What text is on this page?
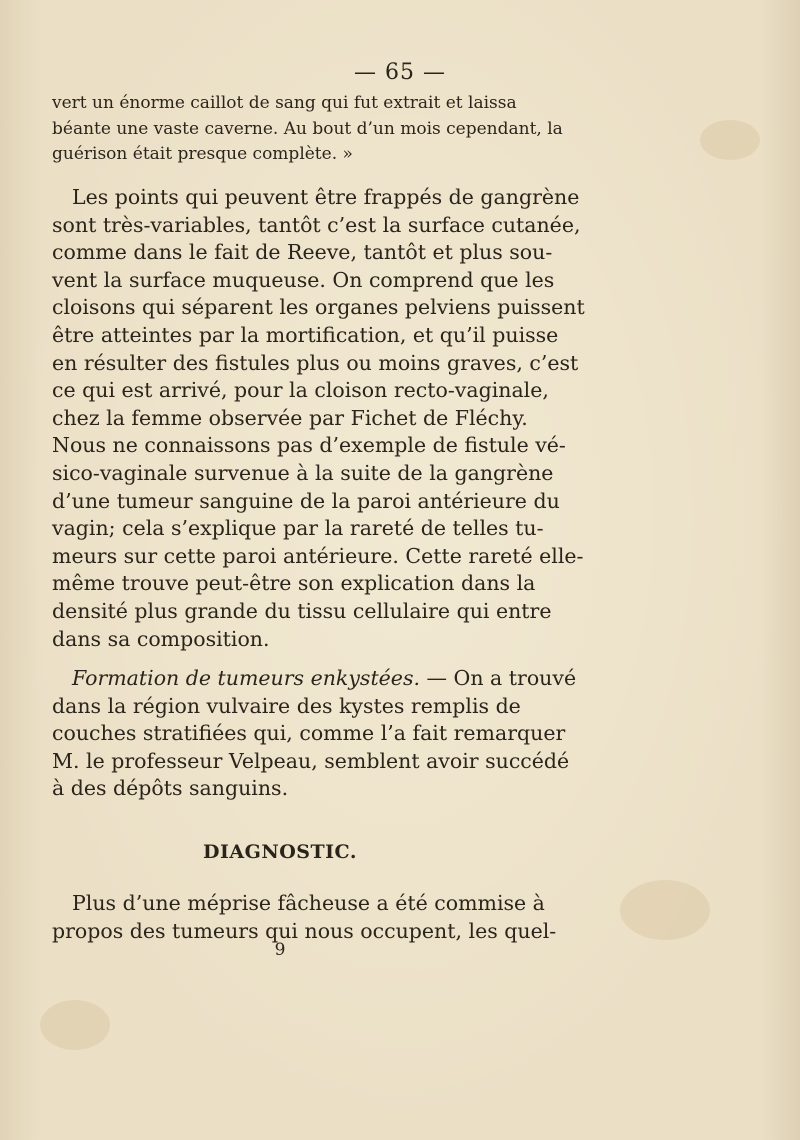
— 65 —
vert un énorme caillot de sang qui fut extrait et laissa
béante une vaste caverne. Au bout d’un mois cependant, la
guérison était presque complète. »
Les points qui peuvent être frappés de gangrène
sont très-variables, tantôt c’est la surface cutanée,
comme dans le fait de Reeve, tantôt et plus sou-
vent la surface muqueuse. On comprend que les
cloisons qui séparent les organes pelviens puissent
être atteintes par la mortification, et qu’il puisse
en résulter des fistules plus ou moins graves, c’est
ce qui est arrivé, pour la cloison recto-vaginale,
chez la femme observée par Fichet de Fléchy.
Nous ne connaissons pas d’exemple de fistule vé-
sico-vaginale survenue à la suite de la gangrène
d’une tumeur sanguine de la paroi antérieure du
vagin; cela s’explique par la rareté de telles tu-
meurs sur cette paroi antérieure. Cette rareté elle-
même trouve peut-être son explication dans la
densité plus grande du tissu cellulaire qui entre
dans sa composition.
Formation de tumeurs enkystées. — On a trouvé
dans la région vulvaire des kystes remplis de
couches stratifiées qui, comme l’a fait remarquer
M. le professeur Velpeau, semblent avoir succédé
à des dépôts sanguins.
DIAGNOSTIC.
Plus d’une méprise fâcheuse a été commise à
propos des tumeurs qui nous occupent, les quel-
9
